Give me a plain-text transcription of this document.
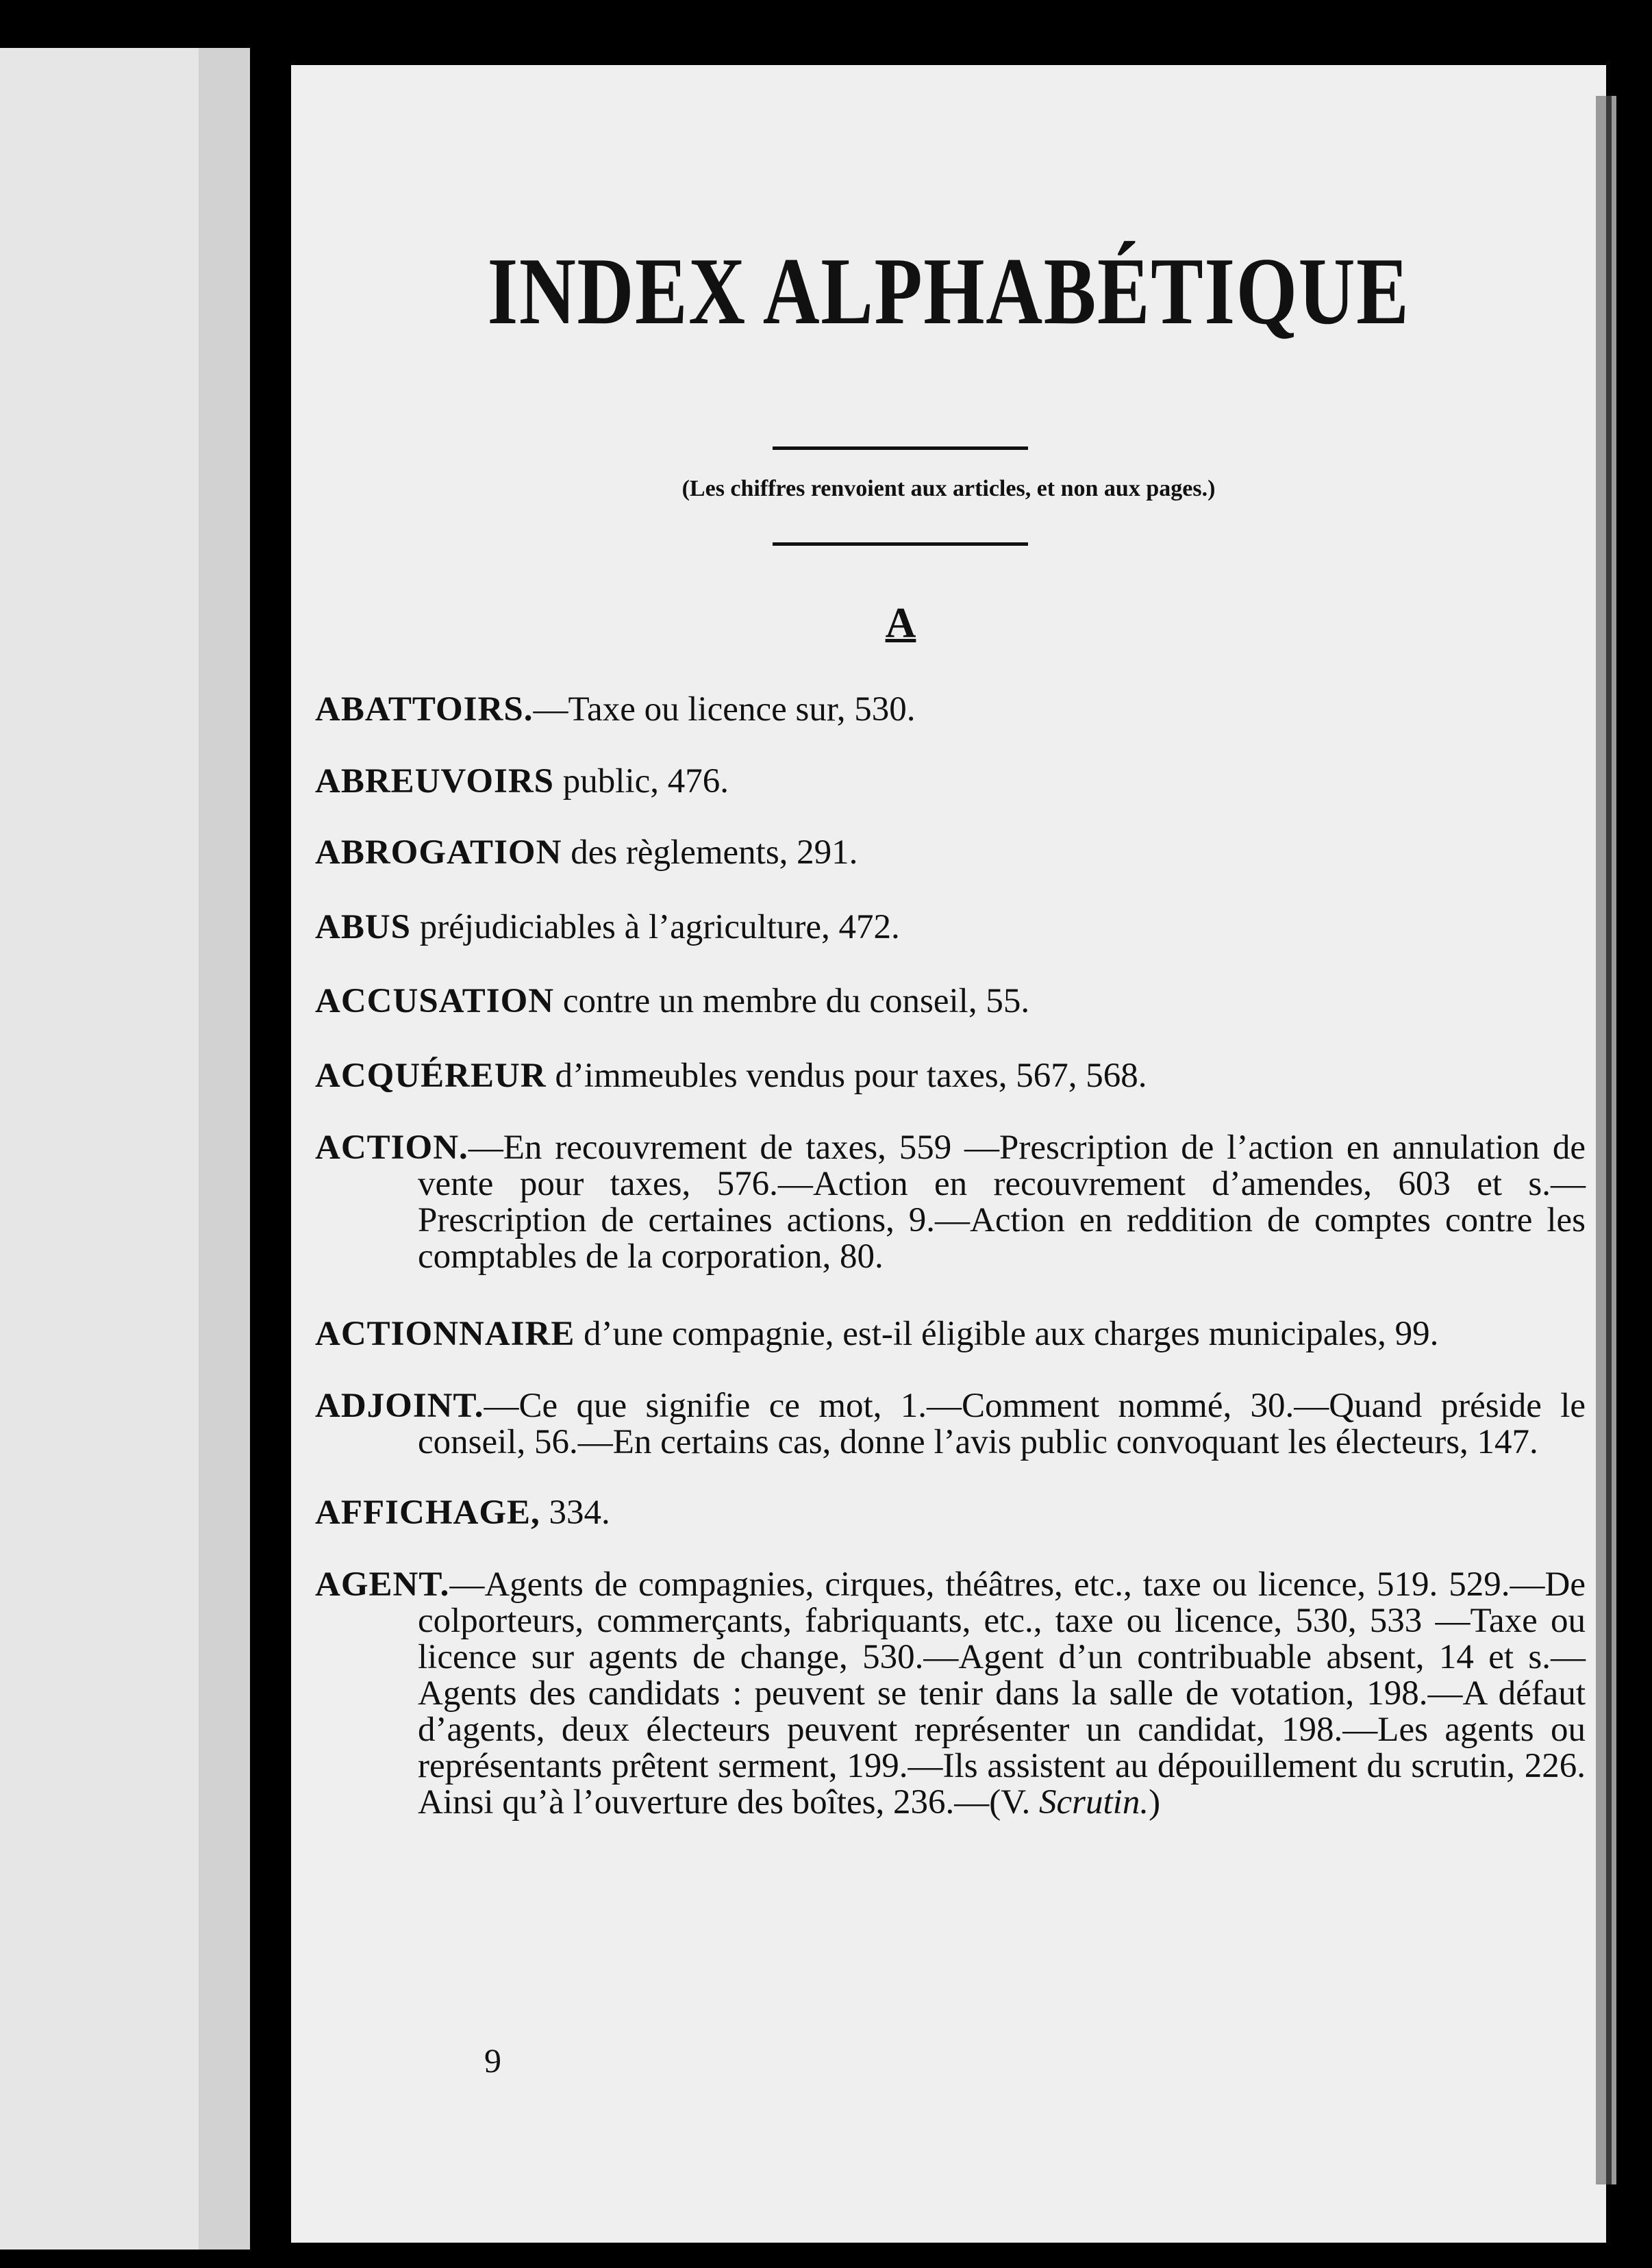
INDEX ALPHABÉTIQUE
(Les chiffres renvoient aux articles, et non aux pages.)
A

ABATTOIRS.—Taxe ou licence sur, 530.

ABREUVOIRS public, 476.

ABROGATION des règlements, 291.

ABUS préjudiciables à l’agriculture, 472.

ACCUSATION contre un membre du conseil, 55.

ACQUÉREUR d’immeubles vendus pour taxes, 567, 568.

ACTION.—En recouvrement de taxes, 559 —Prescription de l’action en annulation de vente pour taxes, 576.—Action en recouvrement d’amendes, 603 et s.—Prescription de certaines actions, 9.—Action en reddition de comptes contre les comptables de la corporation, 80.

ACTIONNAIRE d’une compagnie, est-il éligible aux charges municipales, 99.

ADJOINT.—Ce que signifie ce mot, 1.—Comment nommé, 30.—Quand préside le conseil, 56.—En certains cas, donne l’avis public convoquant les électeurs, 147.

AFFICHAGE, 334.

AGENT.—Agents de compagnies, cirques, théâtres, etc., taxe ou licence, 519. 529.—De colporteurs, commerçants, fabriquants, etc., taxe ou licence, 530, 533 —Taxe ou licence sur agents de change, 530.—Agent d’un contribuable absent, 14 et s.—Agents des candidats : peuvent se tenir dans la salle de votation, 198.—A défaut d’agents, deux électeurs peuvent représenter un candidat, 198.—Les agents ou représentants prêtent serment, 199.—Ils assistent au dépouillement du scrutin, 226. Ainsi qu’à l’ouverture des boîtes, 236.—(V. Scrutin.)

9
